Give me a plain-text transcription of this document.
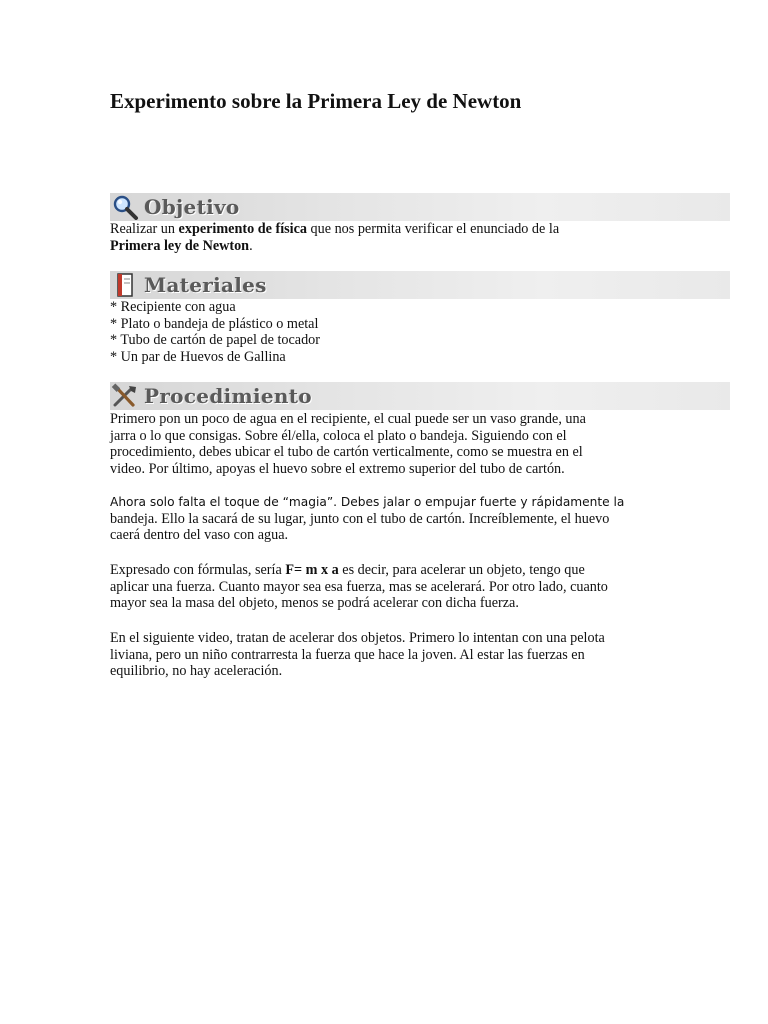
Experimento sobre la Primera Ley de Newton
Objetivo

Realizar un experimento de física que nos permita verificar el enunciado de la

Primera ley de Newton.

Materiales

* Recipiente con agua

* Plato o bandeja de plástico o metal

* Tubo de cartón de papel de tocador

* Un par de Huevos de Gallina

Procedimiento

Primero pon un poco de agua en el recipiente, el cual puede ser un vaso grande, una

jarra o lo que consigas. Sobre él/ella, coloca el plato o bandeja. Siguiendo con el

procedimiento, debes ubicar el tubo de cartón verticalmente, como se muestra en el

video. Por último, apoyas el huevo sobre el extremo superior del tubo de cartón.

Ahora solo falta el toque de “magia”. Debes jalar o empujar fuerte y rápidamente la

bandeja. Ello la sacará de su lugar, junto con el tubo de cartón. Increíblemente, el huevo

caerá dentro del vaso con agua.

Expresado con fórmulas, sería F= m x a es decir, para acelerar un objeto, tengo que

aplicar una fuerza. Cuanto mayor sea esa fuerza, mas se acelerará. Por otro lado, cuanto

mayor sea la masa del objeto, menos se podrá acelerar con dicha fuerza.

En el siguiente video, tratan de acelerar dos objetos. Primero lo intentan con una pelota

liviana, pero un niño contrarresta la fuerza que hace la joven. Al estar las fuerzas en

equilibrio, no hay aceleración.
